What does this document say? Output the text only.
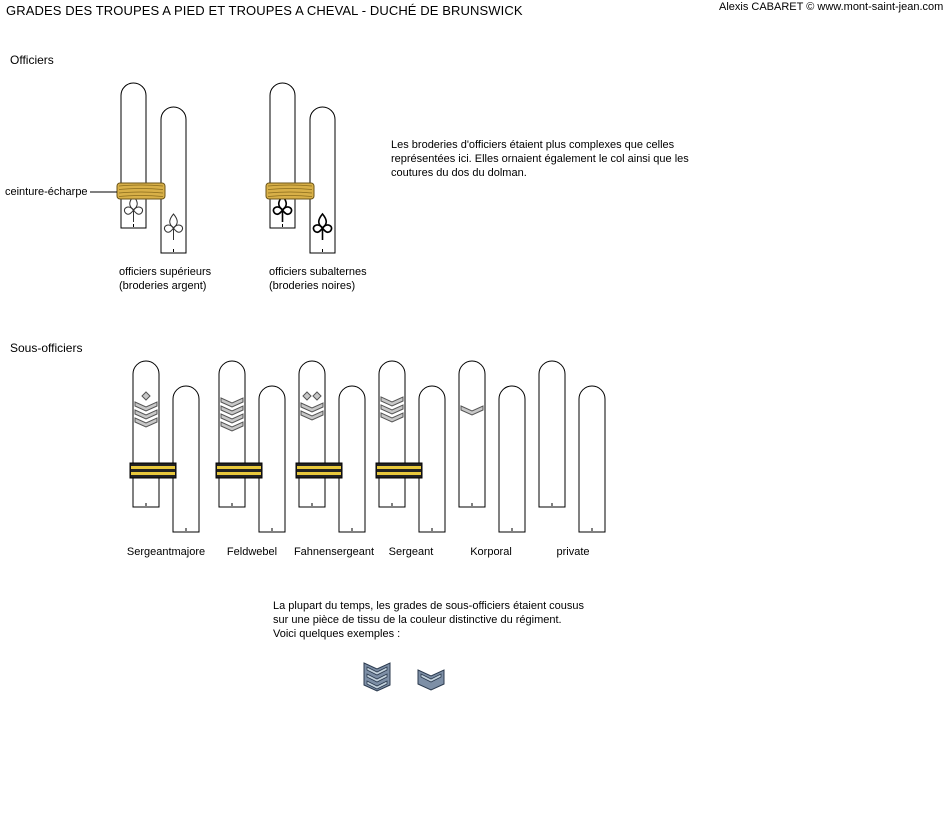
GRADES DES TROUPES A PIED ET TROUPES A CHEVAL - DUCHÉ DE BRUNSWICK	Alexis CABARET © www.mont-saint-jean.com
Officiers
ceinture-écharpe
Les broderies d'officiers étaient plus complexes que celles représentées ici. Elles ornaient également le col ainsi que les coutures du dos du dolman.
officiers supérieurs
(broderies argent)
officiers subalternes
(broderies noires)
Sous-officiers
Sergeantmajore	Feldwebel	Fahnensergeant	Sergeant	Korporal	private
La plupart du temps, les grades de sous-officiers étaient cousus
sur une pièce de tissu de la couleur distinctive du régiment.
Voici quelques exemples :
